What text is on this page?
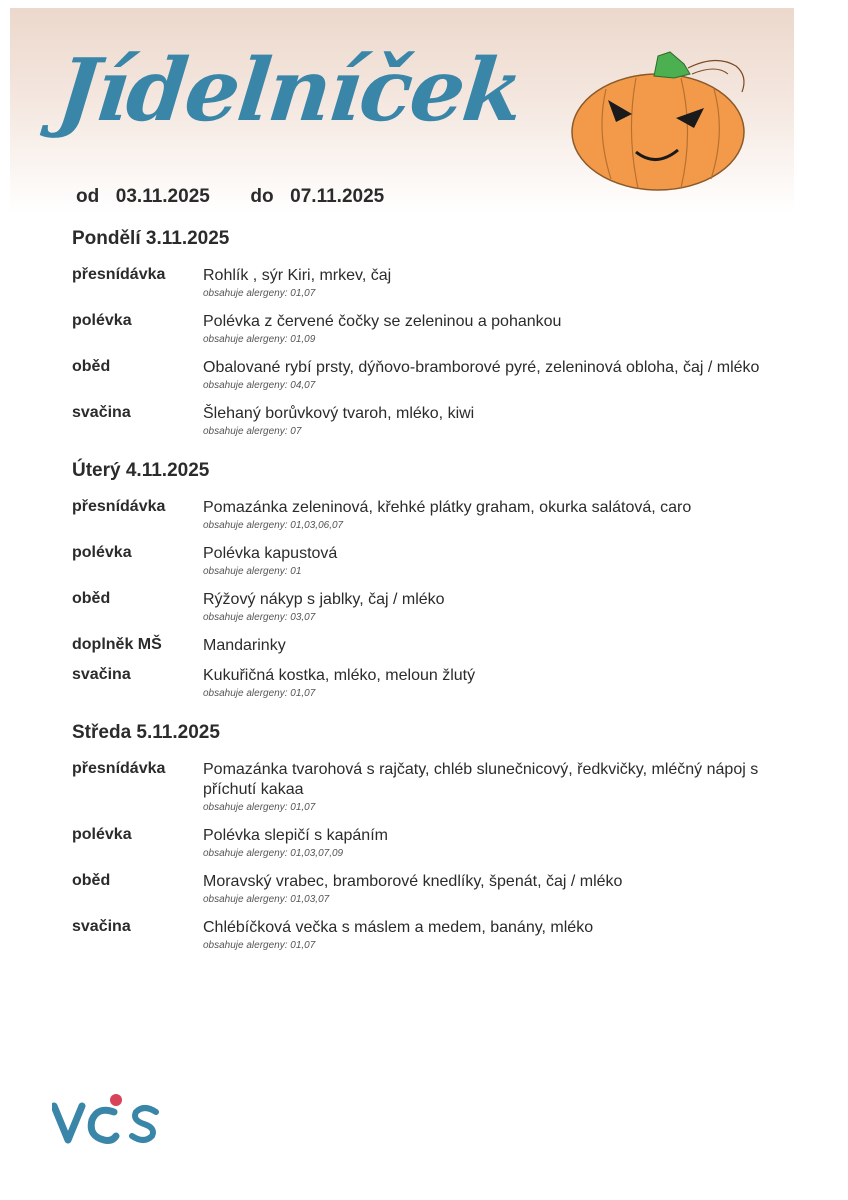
Jídelníček
od 03.11.2025 do 07.11.2025
Pondělí 3.11.2025
přesnídávka	Rohlík , sýr Kiri, mrkev, čaj
obsahuje alergeny: 01,07
polévka	Polévka z červené čočky se zeleninou a pohankou
obsahuje alergeny: 01,09
oběd	Obalované rybí prsty, dýňovo-bramborové pyré, zeleninová obloha, čaj / mléko
obsahuje alergeny: 04,07
svačina	Šlehaný borůvkový tvaroh, mléko, kiwi
obsahuje alergeny: 07
Úterý 4.11.2025
přesnídávka	Pomazánka zeleninová, křehké plátky graham, okurka salátová, caro
obsahuje alergeny: 01,03,06,07
polévka	Polévka kapustová
obsahuje alergeny: 01
oběd	Rýžový nákyp s jablky, čaj / mléko
obsahuje alergeny: 03,07
doplněk MŠ	Mandarinky
svačina	Kukuřičná kostka, mléko, meloun žlutý
obsahuje alergeny: 01,07
Středa 5.11.2025
přesnídávka	Pomazánka tvarohová s rajčaty, chléb slunečnicový, ředkvičky, mléčný nápoj s příchutí kakaa
obsahuje alergeny: 01,07
polévka	Polévka slepičí s kapáním
obsahuje alergeny: 01,03,07,09
oběd	Moravský vrabec, bramborové knedlíky, špenát, čaj / mléko
obsahuje alergeny: 01,03,07
svačina	Chlébíčková večka s máslem a medem, banány, mléko
obsahuje alergeny: 01,07
